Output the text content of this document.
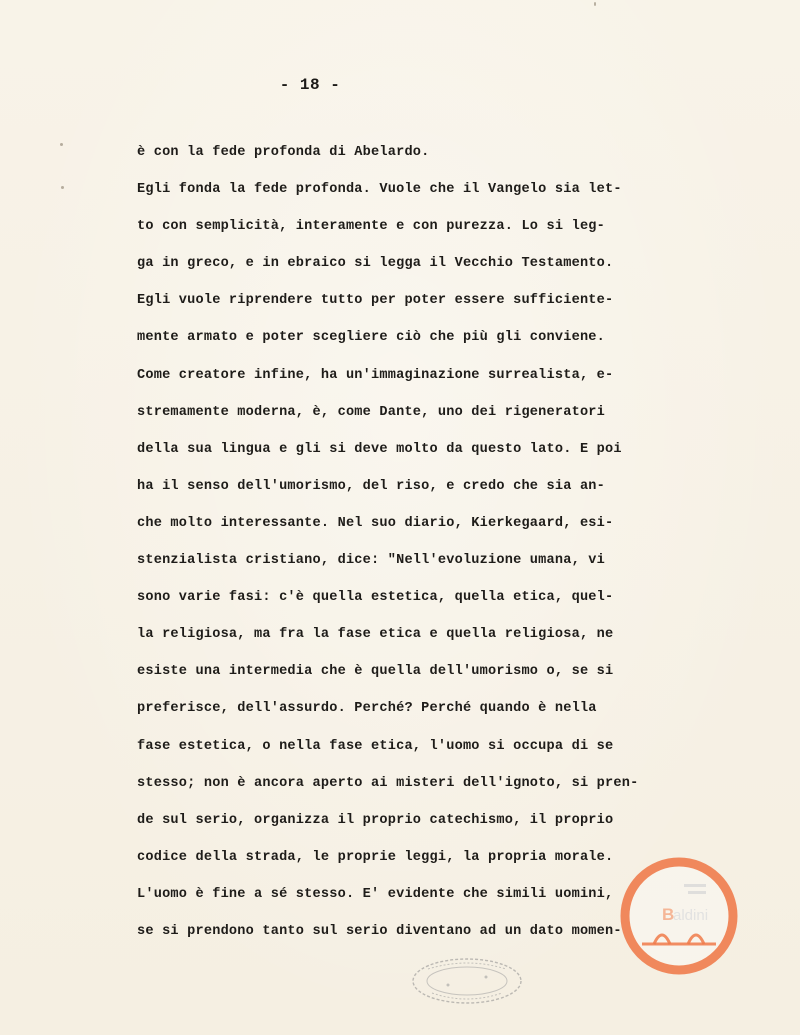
- 18 -
è con la fede profonda di Abelardo.
Egli fonda la fede profonda. Vuole che il Vangelo sia let-
to con semplicità, interamente e con purezza. Lo si leg-
ga in greco, e in ebraico si legga il Vecchio Testamento.
Egli vuole riprendere tutto per poter essere sufficiente-
mente armato e poter scegliere ciò che più gli conviene.
Come creatore infine, ha un'immaginazione surrealista, e-
stremamente moderna, è, come Dante, uno dei rigeneratori
della sua lingua e gli si deve molto da questo lato. E poi
ha il senso dell'umorismo, del riso, e credo che sia an-
che molto interessante. Nel suo diario, Kierkegaard, esi-
stenzialista cristiano, dice: "Nell'evoluzione umana, vi
sono varie fasi: c'è quella estetica, quella etica, quel-
la religiosa, ma fra la fase etica e quella religiosa, ne
esiste una intermedia che è quella dell'umorismo o, se si
preferisce, dell'assurdo. Perché? Perché quando è nella
fase estetica, o nella fase etica, l'uomo si occupa di se
stesso; non è ancora aperto ai misteri dell'ignoto, si pren-
de sul serio, organizza il proprio catechismo, il proprio
codice della strada, le proprie leggi, la propria morale.
L'uomo è fine a sé stesso. E' evidente che simili uomini,
se si prendono tanto sul serio diventano ad un dato momen-
aldini
B
